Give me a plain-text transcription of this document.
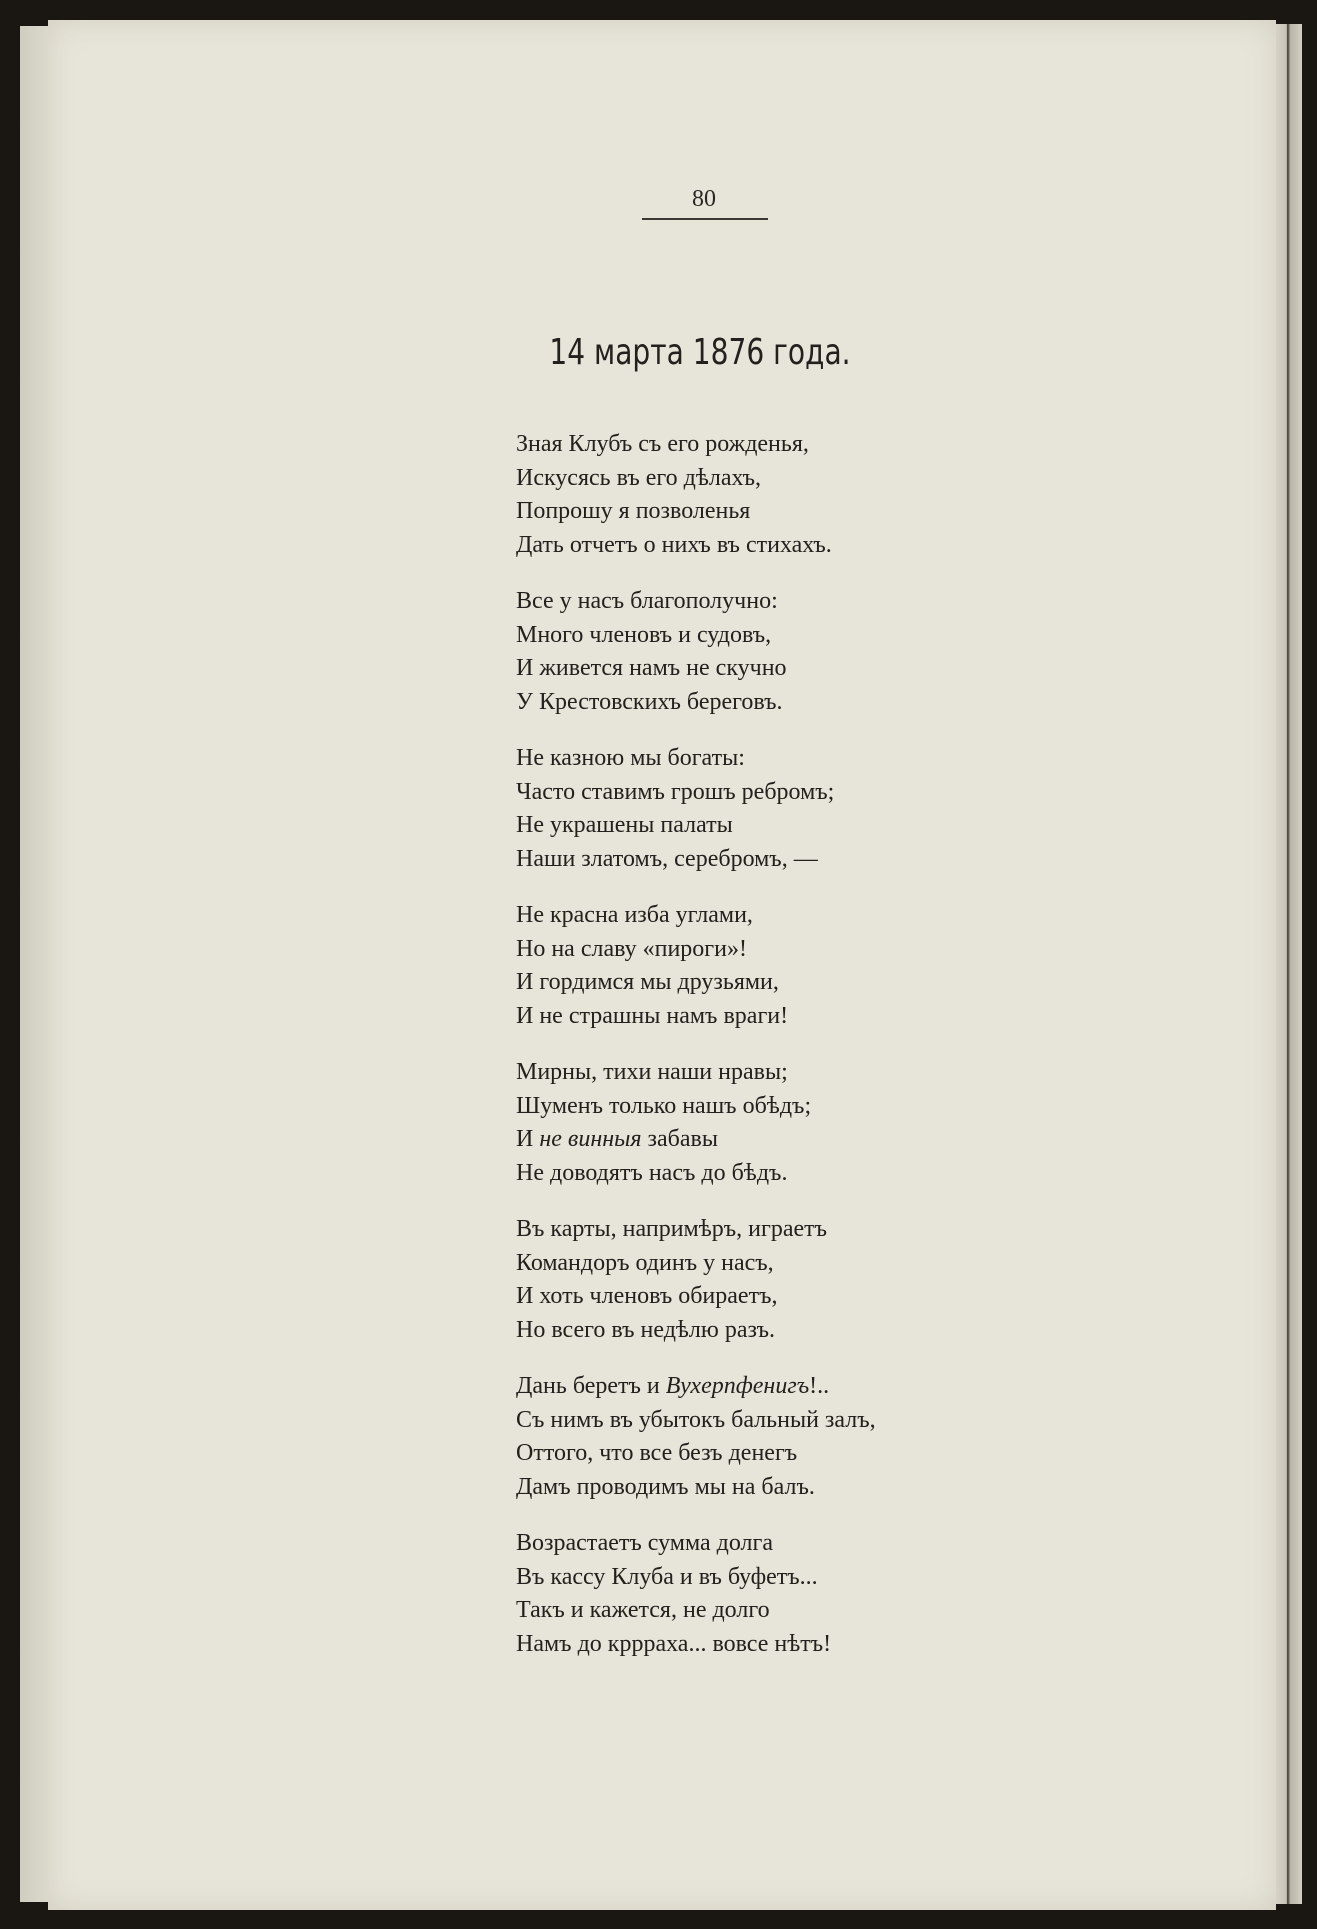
80
14 марта 1876 года.
Зная Клубъ съ его рожденья,
Искусясь въ его дѣлахъ,
Попрошу я позволенья
Дать отчетъ о нихъ въ стихахъ.
Все у насъ благополучно:
Много членовъ и судовъ,
И живется намъ не скучно
У Крестовскихъ береговъ.
Не казною мы богаты:
Часто ставимъ грошъ ребромъ;
Не украшены палаты
Наши златомъ, серебромъ, —
Не красна изба углами,
Но на славу «пироги»!
И гордимся мы друзьями,
И не страшны намъ враги!
Мирны, тихи наши нравы;
Шуменъ только нашъ обѣдъ;
И не винныя забавы
Не доводятъ насъ до бѣдъ.
Въ карты, напримѣръ, играетъ
Командоръ одинъ у насъ,
И хоть членовъ обираетъ,
Но всего въ недѣлю разъ.
Дань беретъ и Вухерпфенигъ!..
Съ нимъ въ убытокъ бальный залъ,
Оттого, что все безъ денегъ
Дамъ проводимъ мы на балъ.
Возрастаетъ сумма долга
Въ кассу Клуба и въ буфетъ...
Такъ и кажется, не долго
Намъ до кррраха... вовсе нѣтъ!
